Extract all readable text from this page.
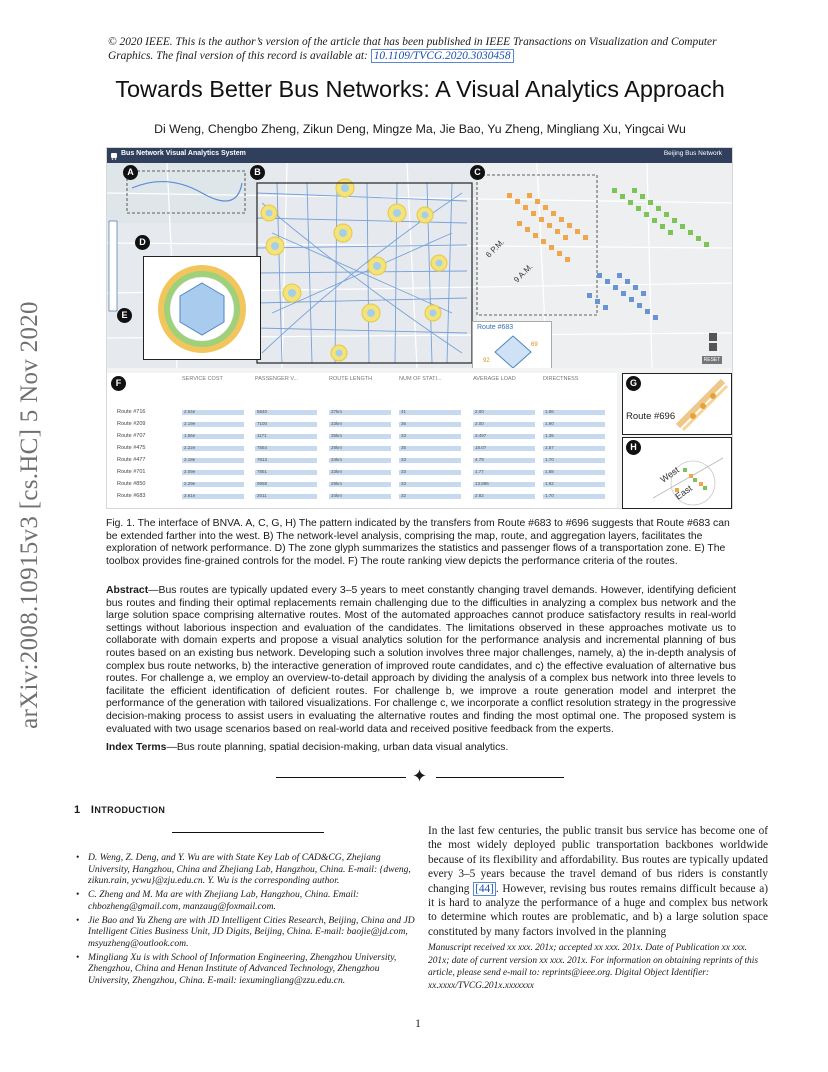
© 2020 IEEE. This is the author’s version of the article that has been published in IEEE Transactions on Visualization and Computer Graphics. The final version of this record is available at: 10.1109/TVCG.2020.3030458
arXiv:2008.10915v3 [cs.HC] 5 Nov 2020
Towards Better Bus Networks: A Visual Analytics Approach
Di Weng, Chengbo Zheng, Zikun Deng, Mingze Ma, Jie Bao, Yu Zheng, Mingliang Xu, Yingcai Wu
Bus Network Visual Analytics System	Beijing Bus Network
6 P.M.
9 A.M.
A	B	C
D
E
Route #683
69
92	RESET
F	SERVICE COST	PASSENGER V...	ROUTE LENGTH	NUM OF STATI...	AVERAGE LOAD	DIRECTNESS
Route #716	2.54e	5840	27km	41	2.00	1.86
Route #209	2.19e	7100	33km	36	2.00	1.90
Route #707	1.56e	1171	35km	33	3.497	1.35
Route #475	2.22e	7554	28km	35	18.07	1.57
Route #477	2.18e	7813	34km	33	4.79	1.70
Route #701	2.09e	7851	33km	33	1.77	1.88
Route #850	2.29e	9958	29km	33	13.886	1.92
Route #683	2.61e	2011	34km	32	2.82	1.70
G
Route #696
H
West
East
Fig. 1. The interface of BNVA. A, C, G, H) The pattern indicated by the transfers from Route #683 to #696 suggests that Route #683 can be extended farther into the west. B) The network-level analysis, comprising the map, route, and aggregation layers, facilitates the exploration of network performance. D) The zone glyph summarizes the statistics and passenger flows of a transportation zone. E) The toolbox provides fine-grained controls for the model. F) The route ranking view depicts the performance criteria of the routes.
Abstract—Bus routes are typically updated every 3–5 years to meet constantly changing travel demands. However, identifying deficient bus routes and finding their optimal replacements remain challenging due to the difficulties in analyzing a complex bus network and the large solution space comprising alternative routes. Most of the automated approaches cannot produce satisfactory results in real-world settings without laborious inspection and evaluation of the candidates. The limitations observed in these approaches motivate us to collaborate with domain experts and propose a visual analytics solution for the performance analysis and incremental planning of bus routes based on an existing bus network. Developing such a solution involves three major challenges, namely, a) the in-depth analysis of complex bus route networks, b) the interactive generation of improved route candidates, and c) the effective evaluation of alternative bus routes. For challenge a, we employ an overview-to-detail approach by dividing the analysis of a complex bus network into three levels to facilitate the efficient identification of deficient routes. For challenge b, we improve a route generation model and interpret the performance of the generation with tailored visualizations. For challenge c, we incorporate a conflict resolution strategy in the progressive decision-making process to assist users in evaluating the alternative routes and finding the most optimal one. The proposed system is evaluated with two usage scenarios based on real-world data and received positive feedback from the experts.
Index Terms—Bus route planning, spatial decision-making, urban data visual analytics.
✦
1 INTRODUCTION
• D. Weng, Z. Deng, and Y. Wu are with State Key Lab of CAD&CG, Zhejiang University, Hangzhou, China and Zhejiang Lab, Hangzhou, China. E-mail: {dweng, zikun.rain, ycwu}@zju.edu.cn. Y. Wu is the corresponding author.
• C. Zheng and M. Ma are with Zhejiang Lab, Hangzhou, China. Email: chbozheng@gmail.com, manzaug@foxmail.com.
• Jie Bao and Yu Zheng are with JD Intelligent Cities Research, Beijing, China and JD Intelligent Cities Business Unit, JD Digits, Beijing, China. E-mail: baojie@jd.com, msyuzheng@outlook.com.
• Mingliang Xu is with School of Information Engineering, Zhengzhou University, Zhengzhou, China and Henan Institute of Advanced Technology, Zhengzhou University, Zhengzhou, China. E-mail: iexumingliang@zzu.edu.cn.
In the last few centuries, the public transit bus service has become one of the most widely deployed public transportation backbones worldwide because of its flexibility and affordability. Bus routes are typically updated every 3–5 years because the travel demand of bus riders is constantly changing [44] . However, revising bus routes remains difficult because a) it is hard to analyze the performance of a huge and complex bus network to determine which routes are problematic, and b) a large solution space constituted by many factors involved in the planning
Manuscript received xx xxx. 201x; accepted xx xxx. 201x. Date of Publication xx xxx. 201x; date of current version xx xxx. 201x. For information on obtaining reprints of this article, please send e-mail to: reprints@ieee.org. Digital Object Identifier: xx.xxxx/TVCG.201x.xxxxxxx
1
